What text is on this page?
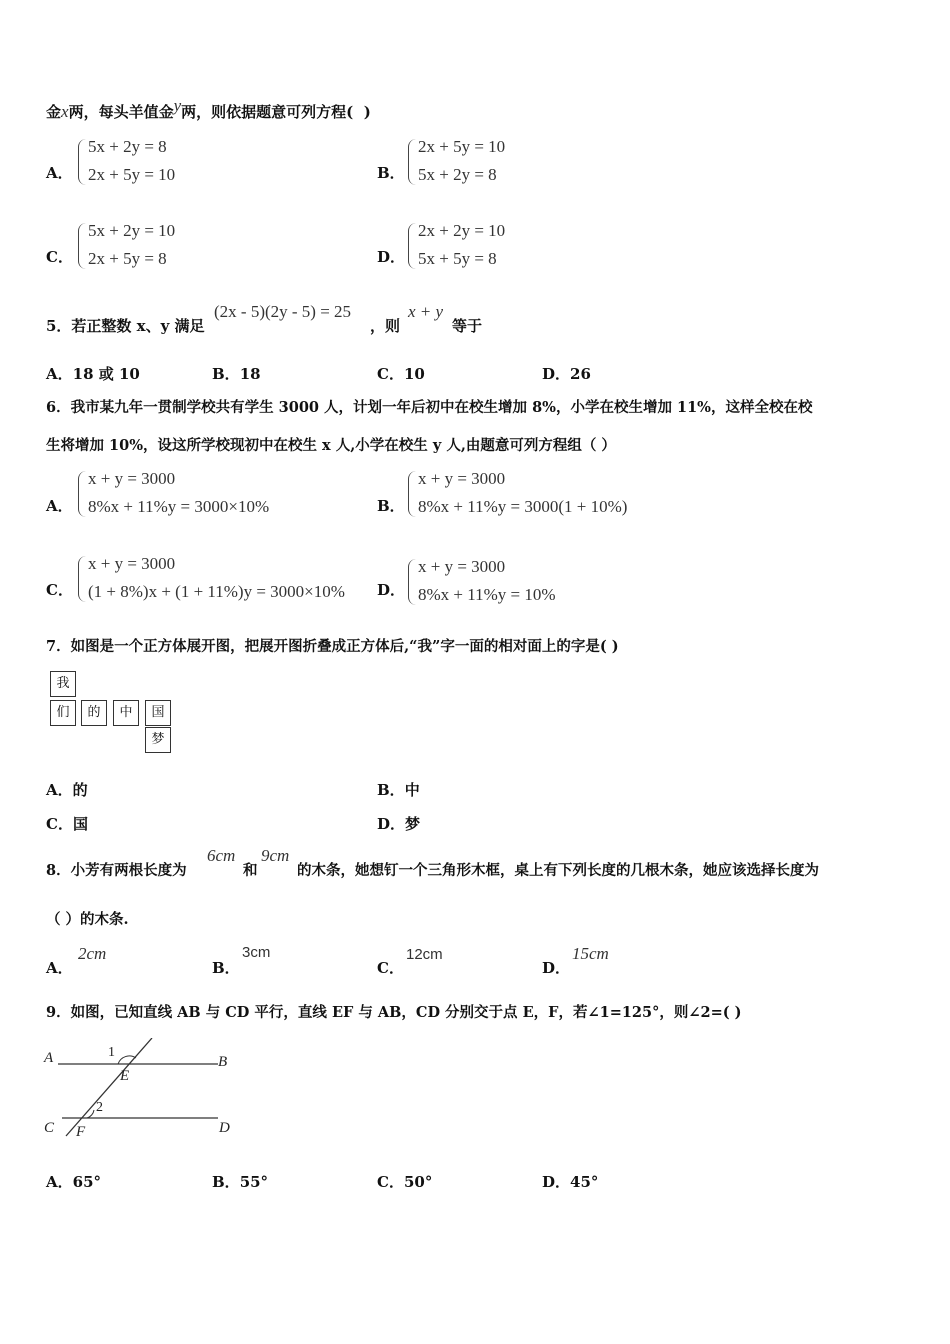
金x两，每头羊值金y两，则依据题意可列方程( )
A．
5x + 2y = 8
2x + 5y = 10	B．
2x + 5y = 10
5x + 2y = 8
C．
5x + 2y = 10
2x + 5y = 8	D．
2x + 2y = 10
5x + 5y = 8
5．若正整数 x、y 满足
(2x - 5)(2y - 5) = 25
，则
x + y
等于
A．18 或 10	B．18	C．10	D．26
6．我市某九年一贯制学校共有学生 3000 人，计划一年后初中在校生增加 8%，小学在校生增加 11%，这样全校在校
生将增加 10%，设这所学校现初中在校生 x 人,小学在校生 y 人,由题意可列方程组（ ）
A．
x + y = 3000
8%x + 11%y = 3000×10%	B．
x + y = 3000
8%x + 11%y = 3000(1 + 10%)
C．
x + y = 3000
(1 + 8%)x + (1 + 11%)y = 3000×10% D．
x + y = 3000
8%x + 11%y = 10%
7．如图是一个正方体展开图，把展开图折叠成正方体后,“我”字一面的相对面上的字是( )
我
们	的	中	国
梦
A．的	B．中
C．国	D．梦
8．小芳有两根长度为
6cm
和
9cm
的木条，她想钉一个三角形木框，桌上有下列长度的几根木条，她应该选择长度为
（ ）的木条.
A．
2cm
B．
3cm
C．
12cm
D．
15cm
9．如图，已知直线 AB 与 CD 平行，直线 EF 与 AB，CD 分别交于点 E，F，若∠1=125°，则∠2=( )
A	B
C	D
E
F
1
2
A．65°	B．55°	C．50°	D．45°
